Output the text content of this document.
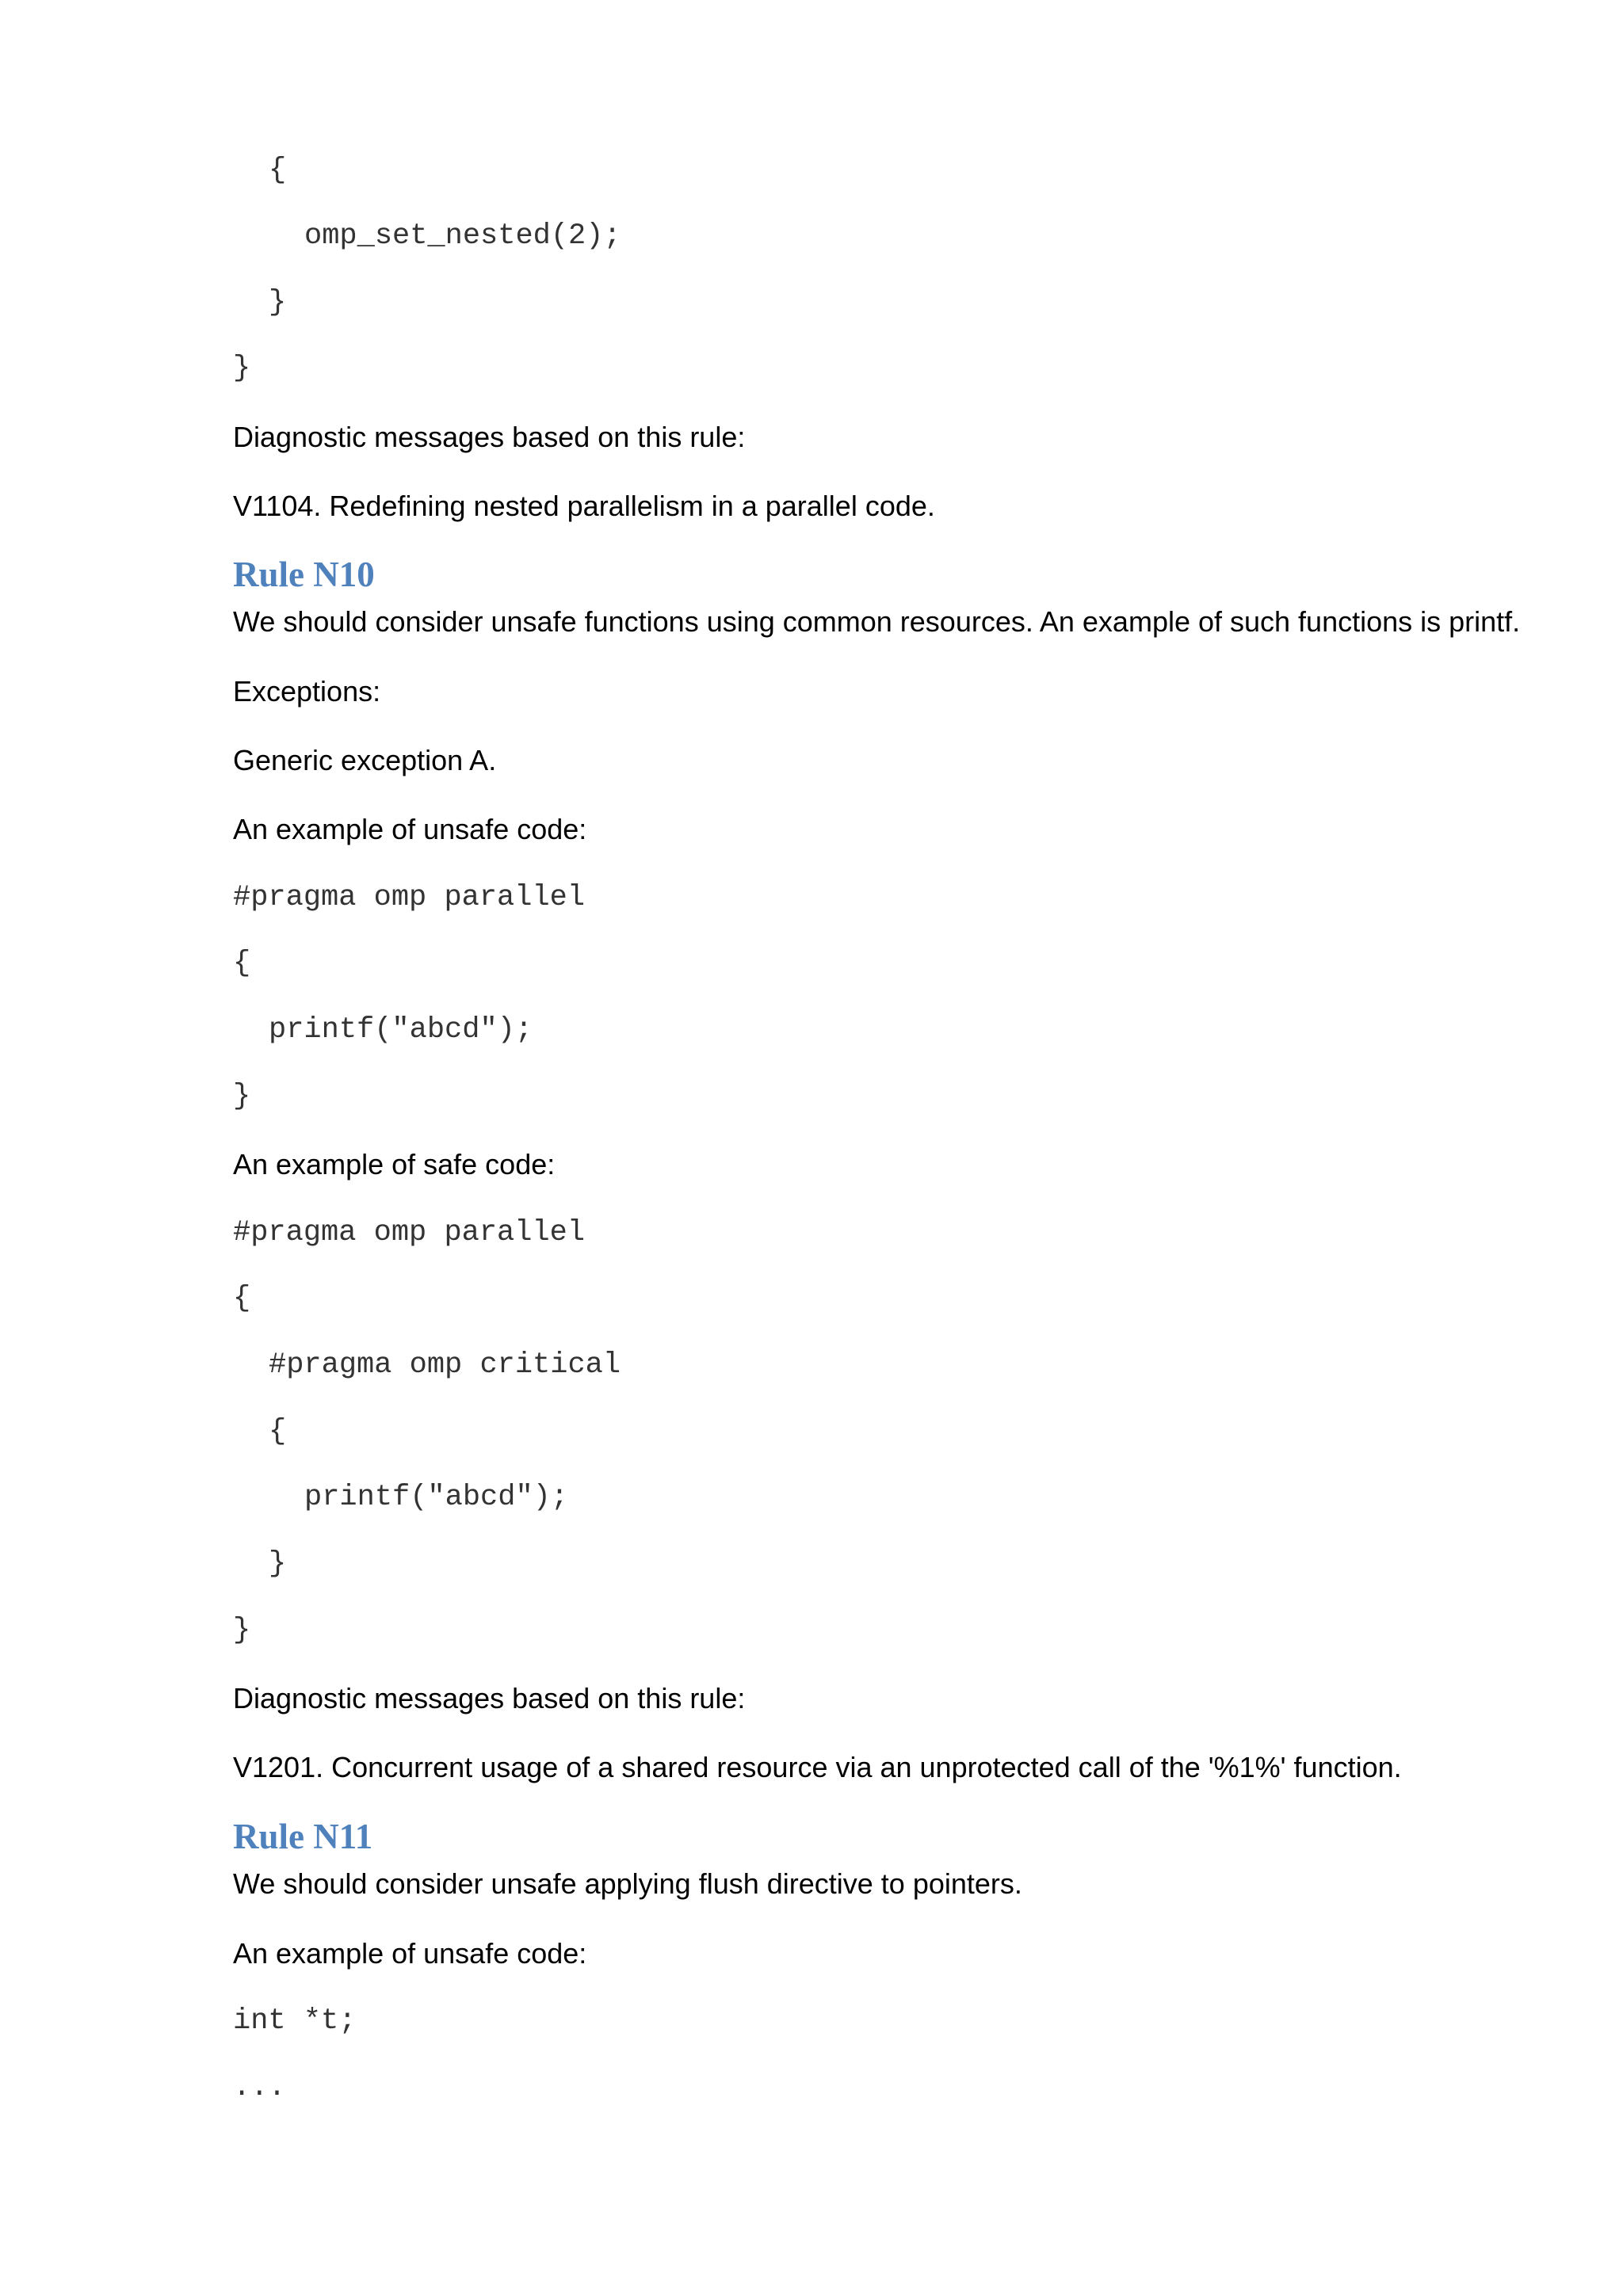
{
omp_set_nested(2);
}
}
Diagnostic messages based on this rule:
V1104. Redefining nested parallelism in a parallel code.
Rule N10
We should consider unsafe functions using common resources. An example of such functions is printf.
Exceptions:
Generic exception A.
An example of unsafe code:
#pragma omp parallel
{
printf("abcd");
}
An example of safe code:
#pragma omp parallel
{
#pragma omp critical
{
printf("abcd");
}
}
Diagnostic messages based on this rule:
V1201. Concurrent usage of a shared resource via an unprotected call of the '%1%' function.
Rule N11
We should consider unsafe applying flush directive to pointers.
An example of unsafe code:
int *t;
...
